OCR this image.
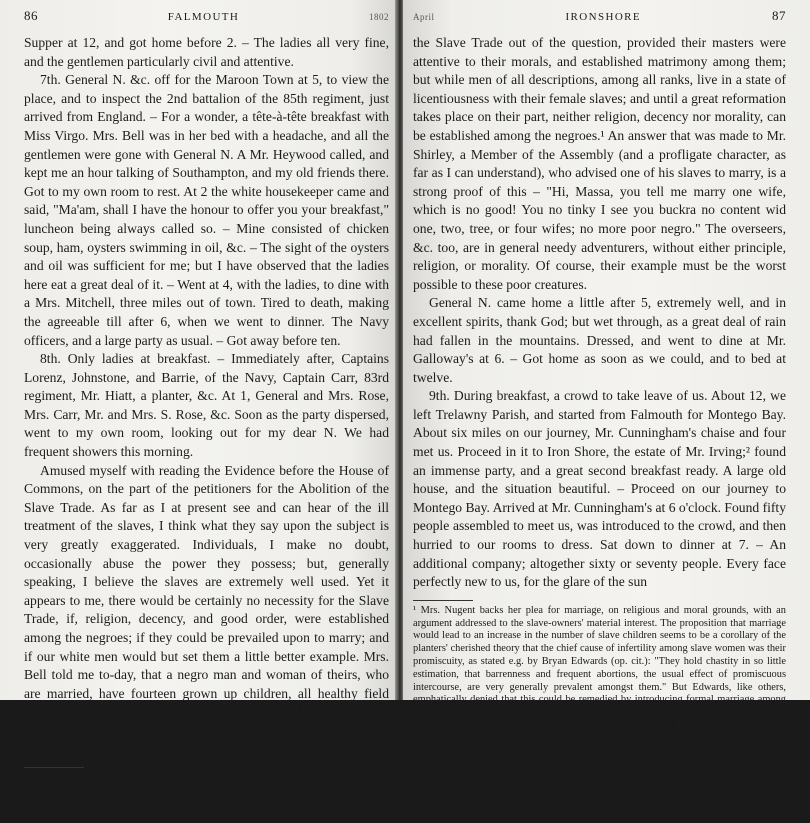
86	FALMOUTH	1802

Supper at 12, and got home before 2. – The ladies all very fine, and the gentlemen particularly civil and attentive.

7th. General N. &c. off for the Maroon Town at 5, to view the place, and to inspect the 2nd battalion of the 85th regiment, just arrived from England. – For a wonder, a tête-à-tête breakfast with Miss Virgo. Mrs. Bell was in her bed with a headache, and all the gentlemen were gone with General N. A Mr. Heywood called, and kept me an hour talking of Southampton, and my old friends there. Got to my own room to rest. At 2 the white housekeeper came and said, "Ma'am, shall I have the honour to offer you your breakfast," luncheon being always called so. – Mine consisted of chicken soup, ham, oysters swimming in oil, &c. – The sight of the oysters and oil was sufficient for me; but I have observed that the ladies here eat a great deal of it. – Went at 4, with the ladies, to dine with a Mrs. Mitchell, three miles out of town. Tired to death, making the agreeable till after 6, when we went to dinner. The Navy officers, and a large party as usual. – Got away before ten.

8th. Only ladies at breakfast. – Immediately after, Captains Lorenz, Johnstone, and Barrie, of the Navy, Captain Carr, 83rd regiment, Mr. Hiatt, a planter, &c. At 1, General and Mrs. Rose, Mrs. Carr, Mr. and Mrs. S. Rose, &c. Soon as the party dispersed, went to my own room, looking out for my dear N. We had frequent showers this morning.

Amused myself with reading the Evidence before the House of Commons, on the part of the petitioners for the Abolition of the Slave Trade. As far as I at present see and can hear of the ill treatment of the slaves, I think what they say upon the subject is very greatly exaggerated. Individuals, I make no doubt, occasionally abuse the power they possess; but, generally speaking, I believe the slaves are extremely well used. Yet it appears to me, there would be certainly no necessity for the Slave Trade, if, religion, decency, and good order, were established among the negroes; if they could be prevailed upon to marry; and if our white men would but set them a little better example. Mrs. Bell told me to-day, that a negro man and woman of theirs, who are married, have fourteen grown up children, all healthy field negroes. This is only one instance out of many, which proves, that, the climate of this country being more congenial to their constitutions, they would increase and render the necessity of

¹ Printed in 1791. The prospect of abolition had receded during the war with France, but in 1804 Wilberforce returned to the charge and for the first time won a majority for his Bill in the House of Commons. The Act abolishing the slave trade was passed by Parliament in 1807.

April	IRONSHORE	87

the Slave Trade out of the question, provided their masters were attentive to their morals, and established matrimony among them; but while men of all descriptions, among all ranks, live in a state of licentiousness with their female slaves; and until a great reformation takes place on their part, neither religion, decency nor morality, can be established among the negroes.¹ An answer that was made to Mr. Shirley, a Member of the Assembly (and a profligate character, as far as I can understand), who advised one of his slaves to marry, is a strong proof of this – "Hi, Massa, you tell me marry one wife, which is no good! You no tinky I see you buckra no content wid one, two, tree, or four wifes; no more poor negro." The overseers, &c. too, are in general needy adventurers, without either principle, religion, or morality. Of course, their example must be the worst possible to these poor creatures.

General N. came home a little after 5, extremely well, and in excellent spirits, thank God; but wet through, as a great deal of rain had fallen in the mountains. Dressed, and went to dine at Mr. Galloway's at 6. – Got home as soon as we could, and to bed at twelve.

9th. During breakfast, a crowd to take leave of us. About 12, we left Trelawny Parish, and started from Falmouth for Montego Bay. About six miles on our journey, Mr. Cunningham's chaise and four met us. Proceed in it to Iron Shore, the estate of Mr. Irving;² found an immense party, and a great second breakfast ready. A large old house, and the situation beautiful. – Proceed on our journey to Montego Bay. Arrived at Mr. Cunningham's at 6 o'clock. Found fifty people assembled to meet us, was introduced to the crowd, and then hurried to our rooms to dress. Sat down to dinner at 7. – An additional company; altogether sixty or seventy people. Every face perfectly new to us, for the glare of the sun

¹ Mrs. Nugent backs her plea for marriage, on religious and moral grounds, with an argument addressed to the slave-owners' material interest. The proposition that marriage would lead to an increase in the number of slave children seems to be a corollary of the planters' cherished theory that the chief cause of infertility among slave women was their promiscuity, as stated e.g. by Bryan Edwards (op. cit.): "They hold chastity in so little estimation, that barrenness and frequent abortions, the usual effect of promiscuous intercourse, are very generally prevalent amongst them." But Edwards, like others, emphatically denied that this could be remedied by introducing formal marriage among slaves; anyone who thought of doing so must be "utterly ignorant of their manners, propensities, and superstitions." Perhaps the chief reason for the planters' opposition to marriage was that it would make the sale of slaves more difficult. The cost of marriage registration on a large scale may also have been a consideration.

² cf. p. 22 n. Ironshore remained in the possession of an American branch of the Irving family until 1912.
